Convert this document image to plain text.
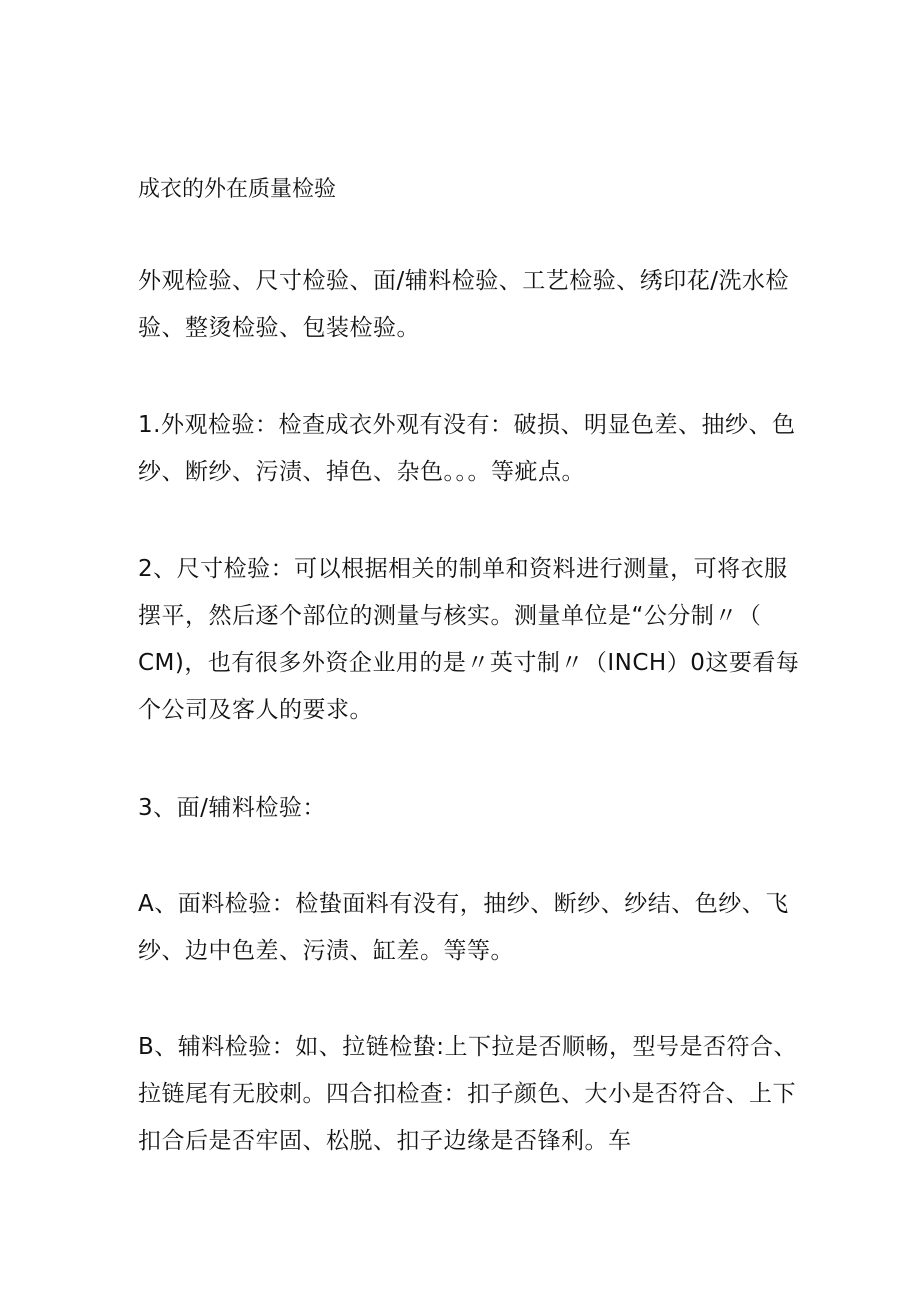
成衣的外在质量检验

外观检验、尺寸检验、面/辅料检验、工艺检验、绣印花/洗水检
验、整烫检验、包装检验。

1.外观检验：检查成衣外观有没有：破损、明显色差、抽纱、色
纱、断纱、污渍、掉色、杂色。。。等疵点。

2、尺寸检验：可以根据相关的制单和资料进行测量，可将衣服
摆平，然后逐个部位的测量与核实。测量单位是“公分制〃（
CM)，也有很多外资企业用的是〃英寸制〃（INCH）0这要看每
个公司及客人的要求。

3、面/辅料检验：

A、面料检验：检蛰面料有没有，抽纱、断纱、纱结、色纱、飞
纱、边中色差、污渍、缸差。等等。

B、辅料检验：如、拉链检蛰:上下拉是否顺畅，型号是否符合、
拉链尾有无胶刺。四合扣检查：扣子颜色、大小是否符合、上下
扣合后是否牢固、松脱、扣子边缘是否锋利。车
